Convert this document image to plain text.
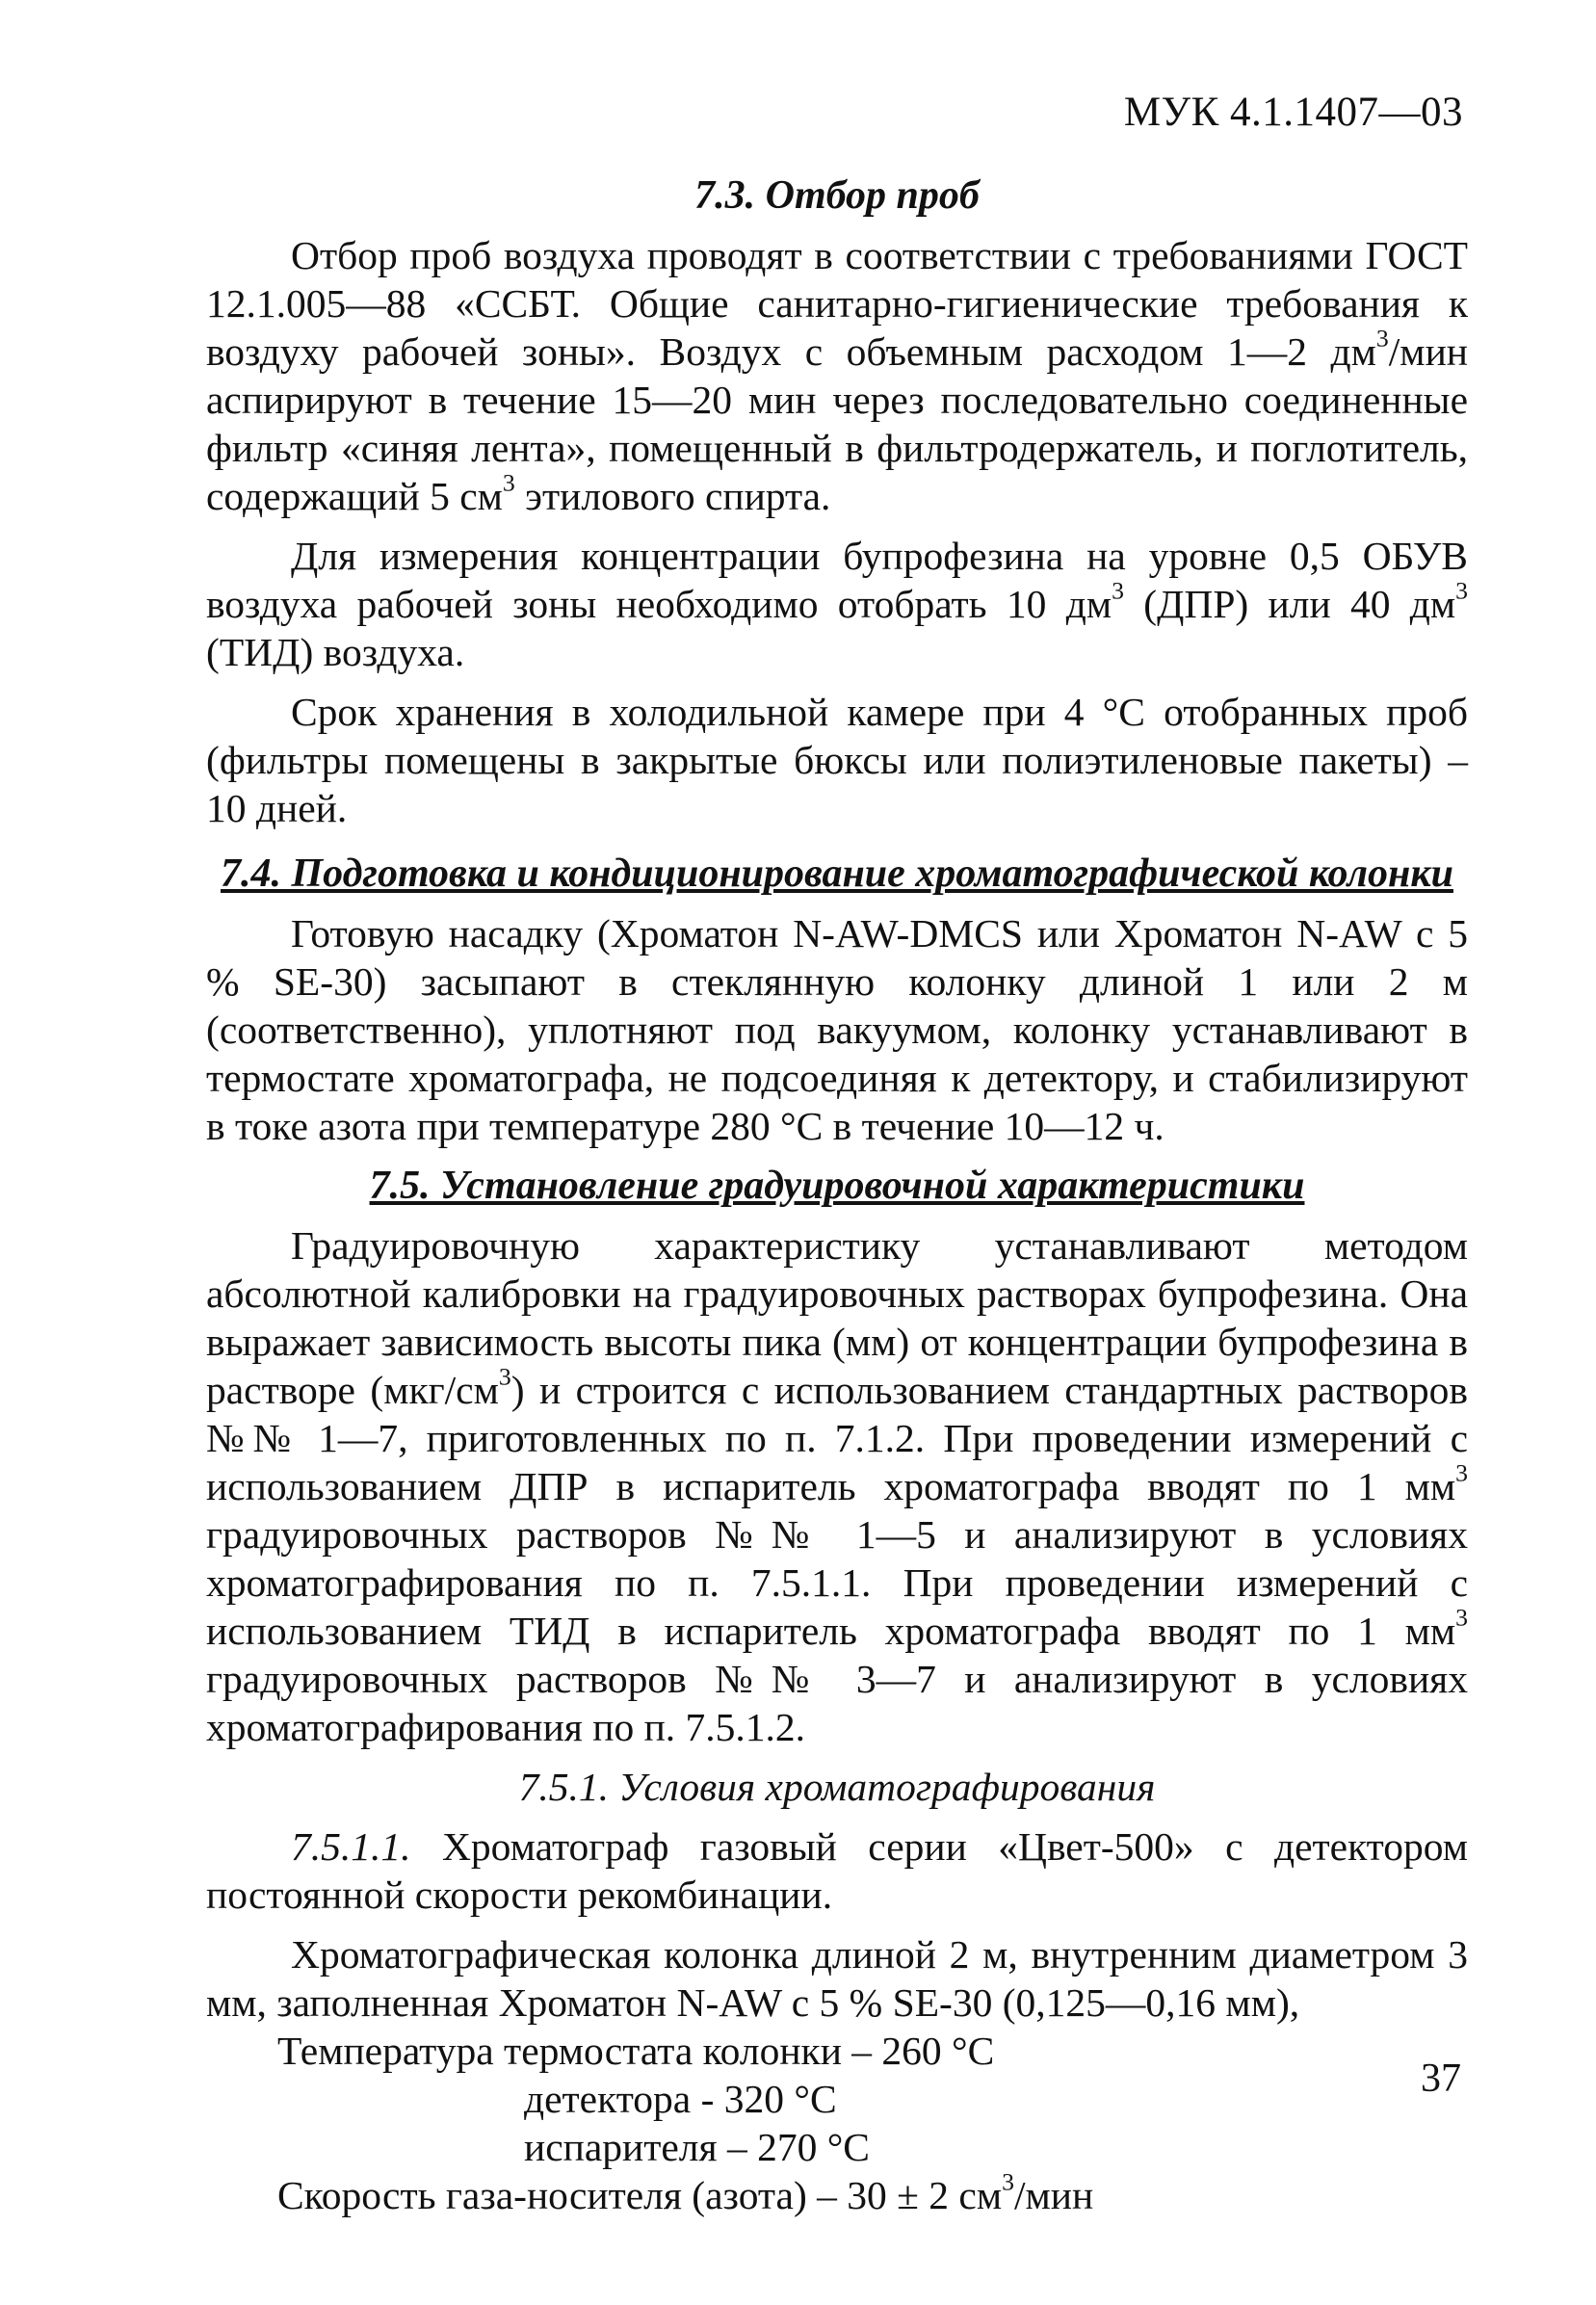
МУК 4.1.1407—03
7.3. Отбор проб

Отбор проб воздуха проводят в соответствии с требованиями ГОСТ 12.1.005—88 «ССБТ. Общие санитарно-гигиенические требования к воздуху рабочей зоны». Воздух с объемным расходом 1—2 $дм^3$/мин аспирируют в течение 15—20 мин через последовательно соединенные фильтр «синяя лента», помещенный в фильтродержатель, и поглотитель, содержащий 5 $см^3$ этилового спирта.

Для измерения концентрации бупрофезина на уровне 0,5 ОБУВ воздуха рабочей зоны необходимо отобрать 10 $дм^3$ (ДПР) или 40 $дм^3$ (ТИД) воздуха.

Срок хранения в холодильной камере при 4 °С отобранных проб (фильтры помещены в закрытые бюксы или полиэтиленовые пакеты) – 10 дней.

7.4. Подготовка и кондиционирование хроматографической колонки

Готовую насадку (Хроматон N-AW-DMCS или Хроматон N-AW с 5 % SE-30) засыпают в стеклянную колонку длиной 1 или 2 м (соответственно), уплотняют под вакуумом, колонку устанавливают в термостате хроматографа, не подсоединяя к детектору, и стабилизируют в токе азота при температуре 280 °С в течение 10—12 ч.

7.5. Установление градуировочной характеристики

Градуировочную характеристику устанавливают методом абсолютной калибровки на градуировочных растворах бупрофезина. Она выражает зависимость высоты пика (мм) от концентрации бупрофезина в растворе $(мкг/см^3)$ и строится с использованием стандартных растворов №№ 1—7, приготовленных по п. 7.1.2. При проведении измерений с использованием ДПР в испаритель хроматографа вводят по 1 $мм^3$ градуировочных растворов №№ 1—5 и анализируют в условиях хроматографирования по п. 7.5.1.1. При проведении измерений с использованием ТИД в испаритель хроматографа вводят по 1 $мм^3$ градуировочных растворов №№ 3—7 и анализируют в условиях хроматографирования по п. 7.5.1.2.

7.5.1. Условия хроматографирования

7.5.1.1. Хроматограф газовый серии «Цвет-500» с детектором постоянной скорости рекомбинации.

Хроматографическая колонка длиной 2 м, внутренним диаметром 3 мм, заполненная Хроматон N-AW с 5 % SE-30 (0,125—0,16 мм),

Температура термостата колонки – 260 °С
детектора - 320 °С
испарителя – 270 °С
Скорость газа-носителя (азота) – 30 ± 2 $см^3$/мин
37
